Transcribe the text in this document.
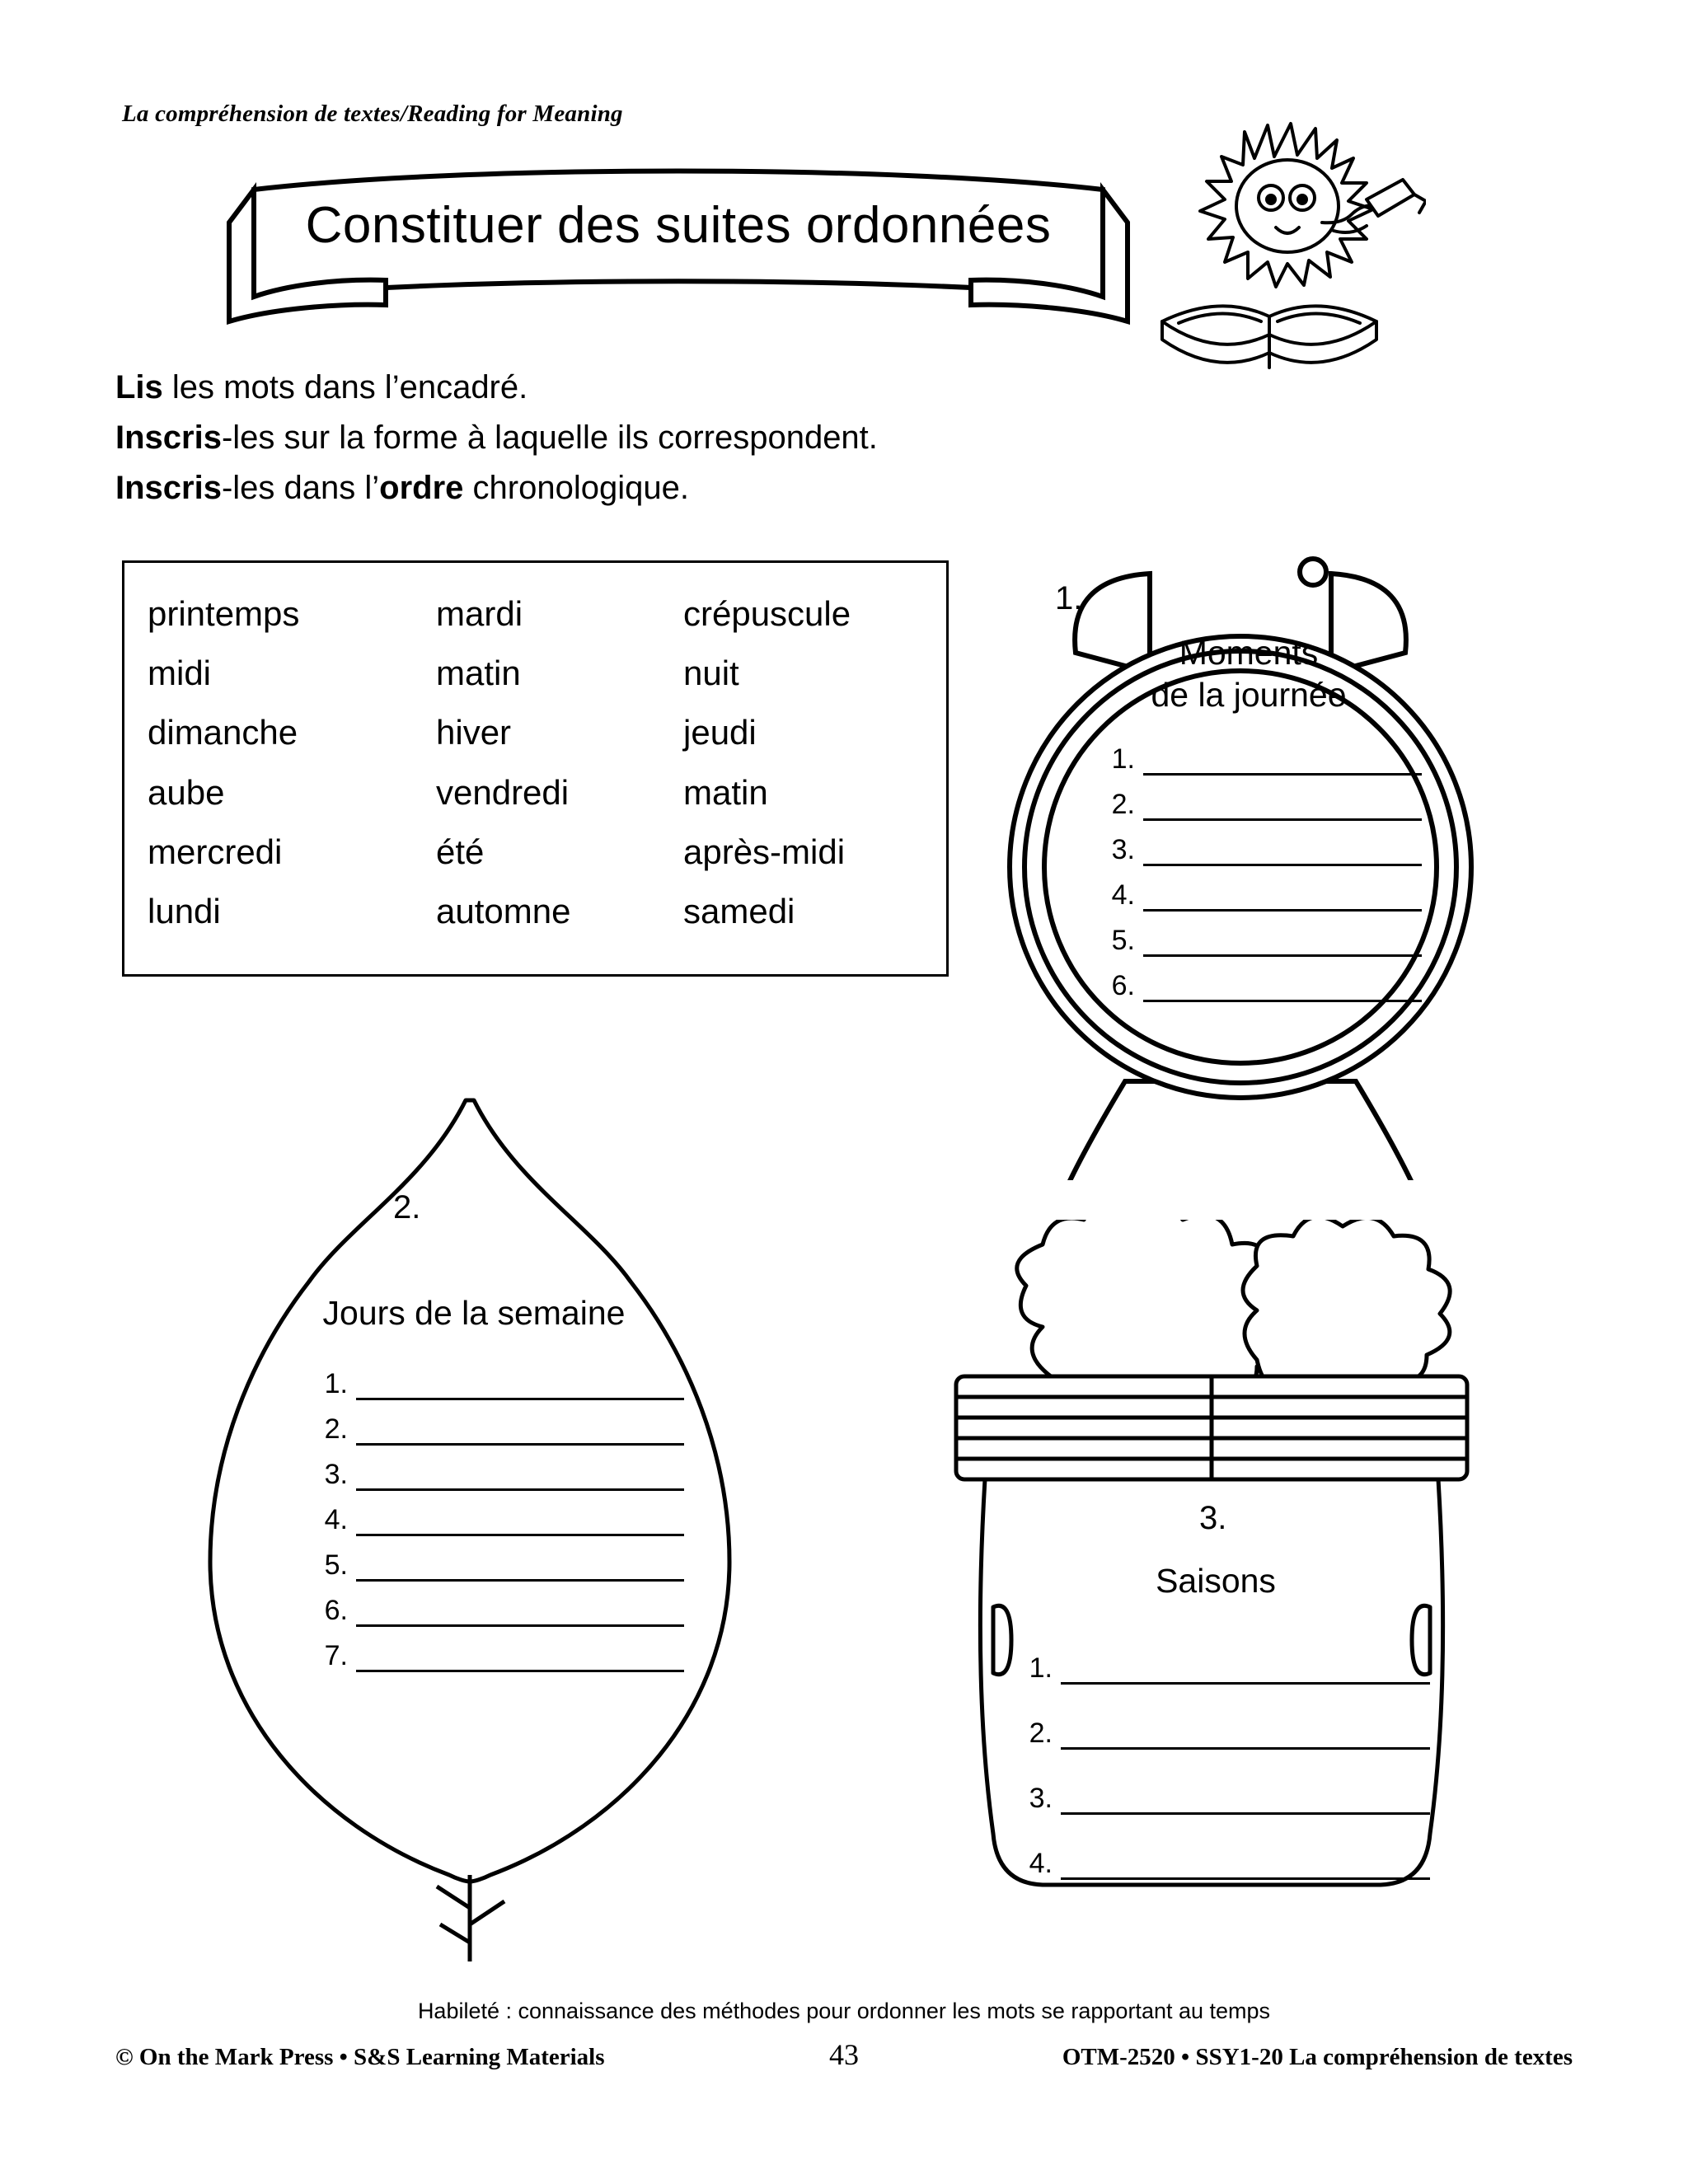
La compréhension de textes/Reading for Meaning
Constituer des suites ordonnées
Lis les mots dans l’encadré.
Inscris-les sur la forme à laquelle ils correspondent.
Inscris-les dans l’ordre chronologique.
printemps	mardi	crépuscule
midi	matin	nuit
dimanche	hiver	jeudi
aube	vendredi	matin
mercredi	été	après-midi
lundi	automne	samedi
1.
Moments
de la journée
1.
2.
3.
4.
5.
6.
2.
Jours de la semaine
1.
2.
3.
4.
5.
6.
7.
3.
Saisons
1.
2.
3.
4.
Habileté : connaissance des méthodes pour ordonner les mots se rapportant au temps
© On the Mark Press • S&S Learning Materials	43	OTM-2520 • SSY1-20 La compréhension de textes
